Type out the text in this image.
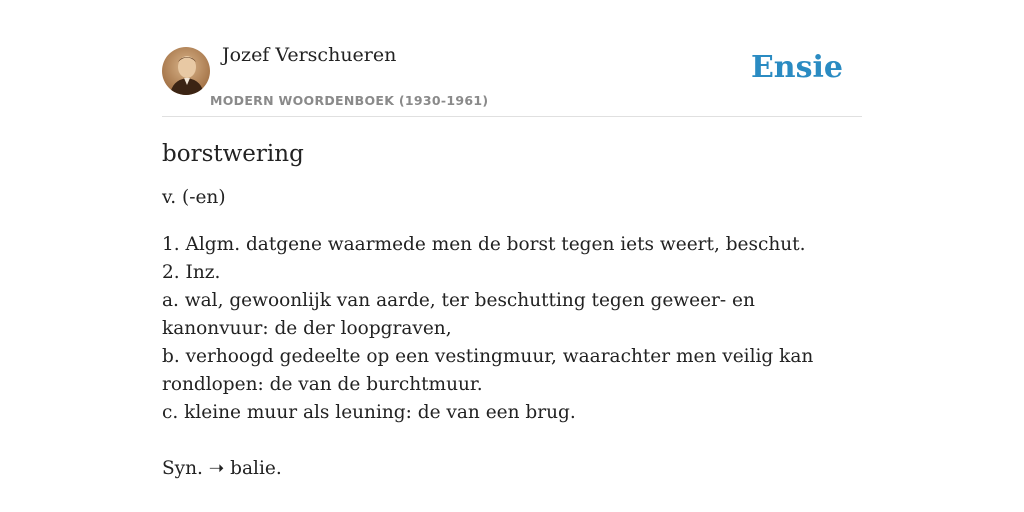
Jozef Verschueren
MODERN WOORDENBOEK (1930-1961)
Ensie
borstwering

v. (-en)

1. Algm. datgene waarmede men de borst tegen iets weert, beschut.
2. Inz.
a. wal, gewoonlijk van aarde, ter beschutting tegen geweer- en kanonvuur: de der loopgraven,
b. verhoogd gedeelte op een vestingmuur, waarachter men veilig kan rondlopen: de van de burchtmuur.
c. kleine muur als leuning: de van een brug.
Syn. ➝ balie.
